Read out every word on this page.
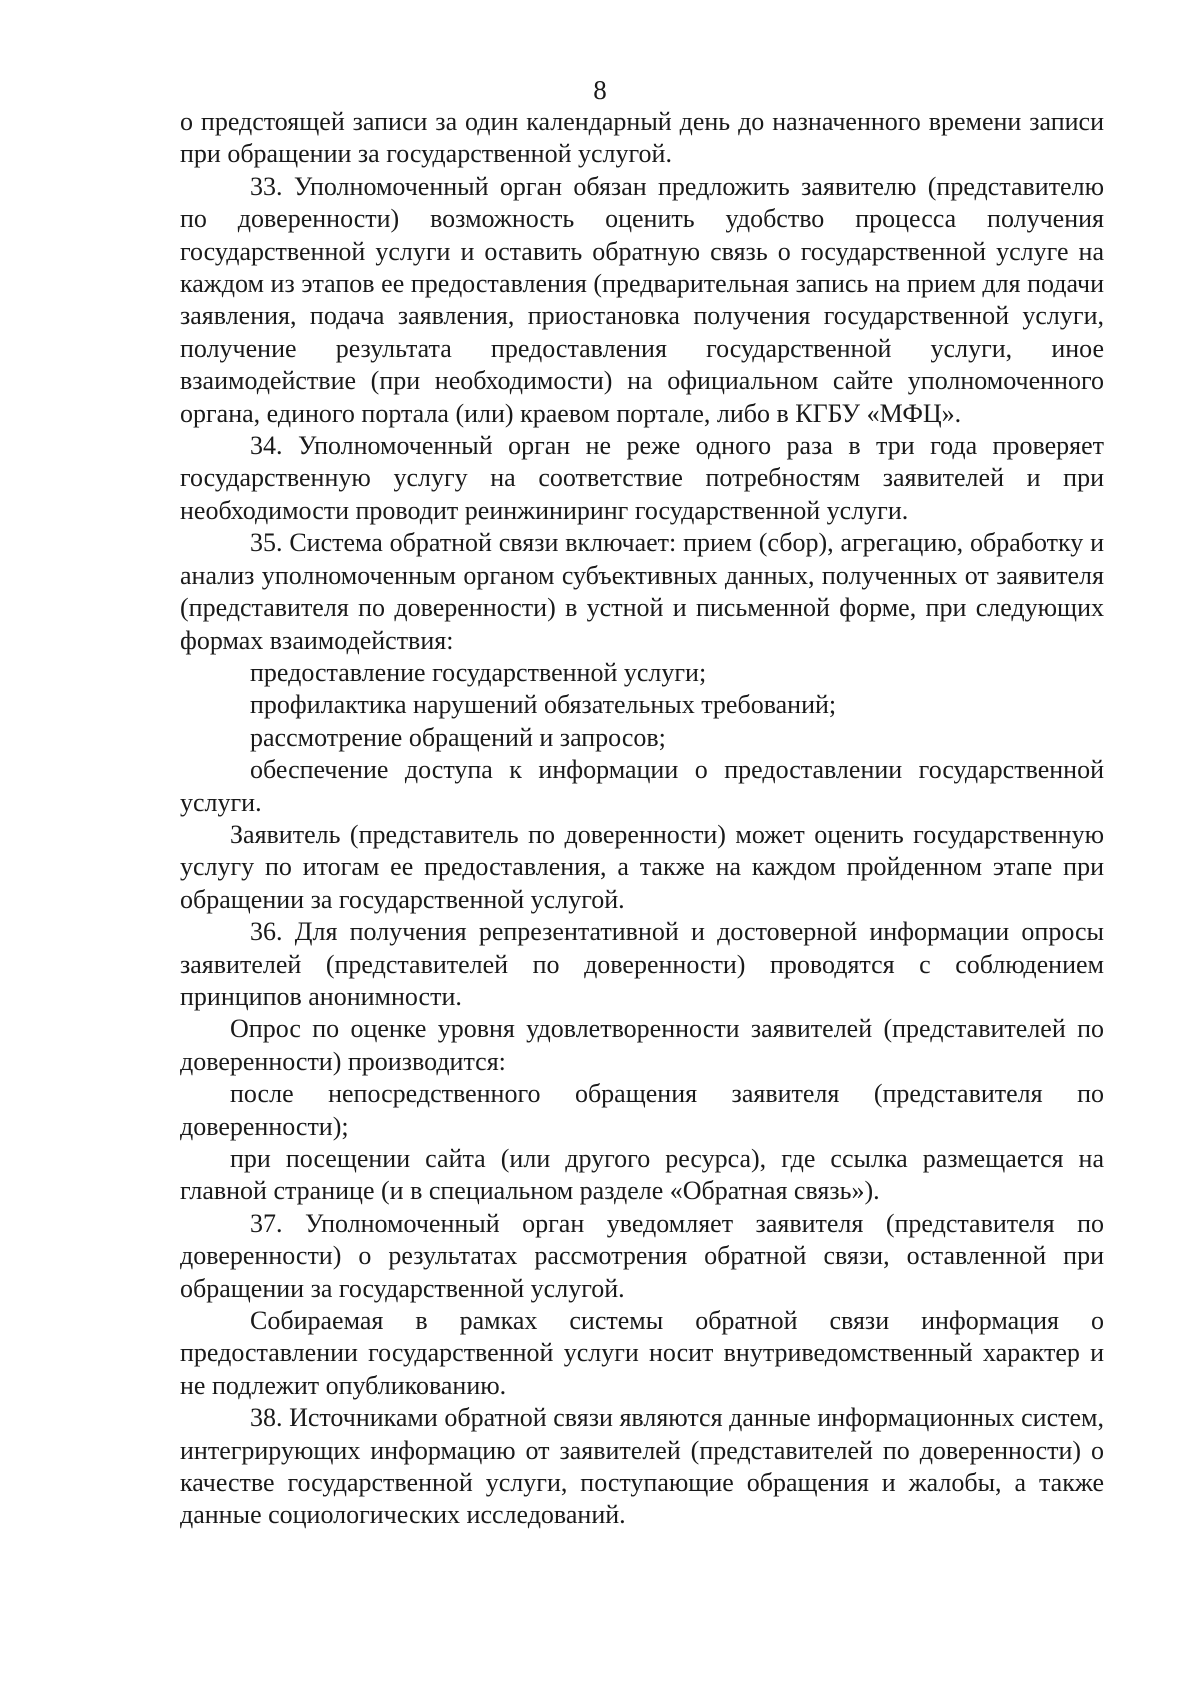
8

о предстоящей записи за один календарный день до назначенного времени записи при обращении за государственной услугой.

33. Уполномоченный орган обязан предложить заявителю (представителю по доверенности) возможность оценить удобство процесса получения государственной услуги и оставить обратную связь о государственной услуге на каждом из этапов ее предоставления (предварительная запись на прием для подачи заявления, подача заявления, приостановка получения государственной услуги, получение результата предоставления государственной услуги, иное взаимодействие (при необходимости) на официальном сайте уполномоченного органа, единого портала (или) краевом портале, либо в КГБУ «МФЦ».

34. Уполномоченный орган не реже одного раза в три года проверяет государственную услугу на соответствие потребностям заявителей и при необходимости проводит реинжиниринг государственной услуги.

35. Система обратной связи включает: прием (сбор), агрегацию, обработку и анализ уполномоченным органом субъективных данных, полученных от заявителя (представителя по доверенности) в устной и письменной форме, при следующих формах взаимодействия:

предоставление государственной услуги;

профилактика нарушений обязательных требований;

рассмотрение обращений и запросов;

обеспечение доступа к информации о предоставлении государственной услуги.

Заявитель (представитель по доверенности) может оценить государственную услугу по итогам ее предоставления, а также на каждом пройденном этапе при обращении за государственной услугой.

36. Для получения репрезентативной и достоверной информации опросы заявителей (представителей по доверенности) проводятся с соблюдением принципов анонимности.

Опрос по оценке уровня удовлетворенности заявителей (представителей по доверенности) производится:

после непосредственного обращения заявителя (представителя по доверенности);

при посещении сайта (или другого ресурса), где ссылка размещается на главной странице (и в специальном разделе «Обратная связь»).

37. Уполномоченный орган уведомляет заявителя (представителя по доверенности) о результатах рассмотрения обратной связи, оставленной при обращении за государственной услугой.

Собираемая в рамках системы обратной связи информация о предоставлении государственной услуги носит внутриведомственный характер и не подлежит опубликованию.

38. Источниками обратной связи являются данные информационных систем, интегрирующих информацию от заявителей (представителей по доверенности) о качестве государственной услуги, поступающие обращения и жалобы, а также данные социологических исследований.
